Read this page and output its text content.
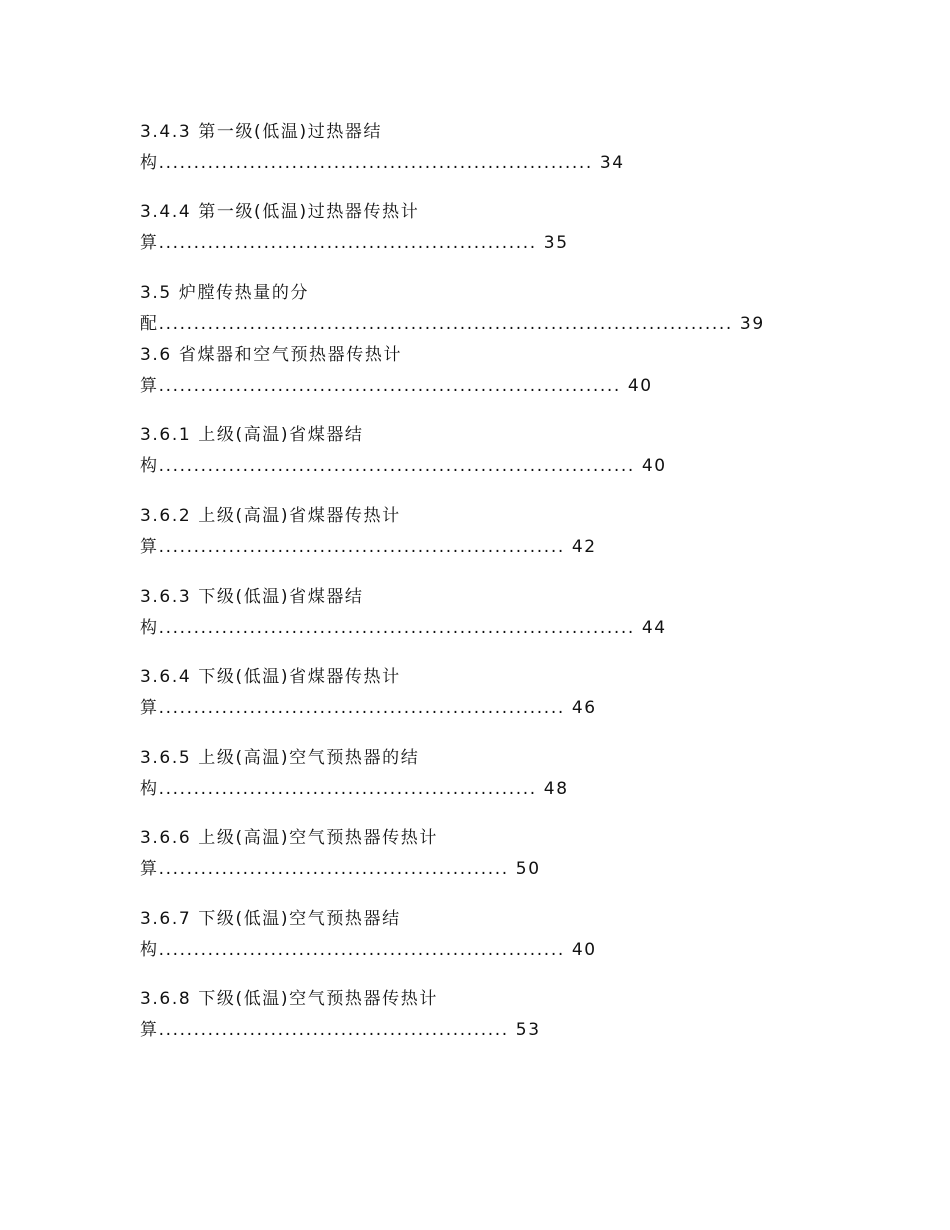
3.4.3 第一级(低温)过热器结
构.............................................................. 34
3.4.4 第一级(低温)过热器传热计
算...................................................... 35
3.5 炉膛传热量的分
配.................................................................................. 39
3.6 省煤器和空气预热器传热计
算.................................................................. 40
3.6.1 上级(高温)省煤器结
构.................................................................... 40
3.6.2 上级(高温)省煤器传热计
算.......................................................... 42
3.6.3 下级(低温)省煤器结
构.................................................................... 44
3.6.4 下级(低温)省煤器传热计
算.......................................................... 46
3.6.5 上级(高温)空气预热器的结
构...................................................... 48
3.6.6 上级(高温)空气预热器传热计
算.................................................. 50
3.6.7 下级(低温)空气预热器结
构.......................................................... 40
3.6.8 下级(低温)空气预热器传热计
算.................................................. 53
